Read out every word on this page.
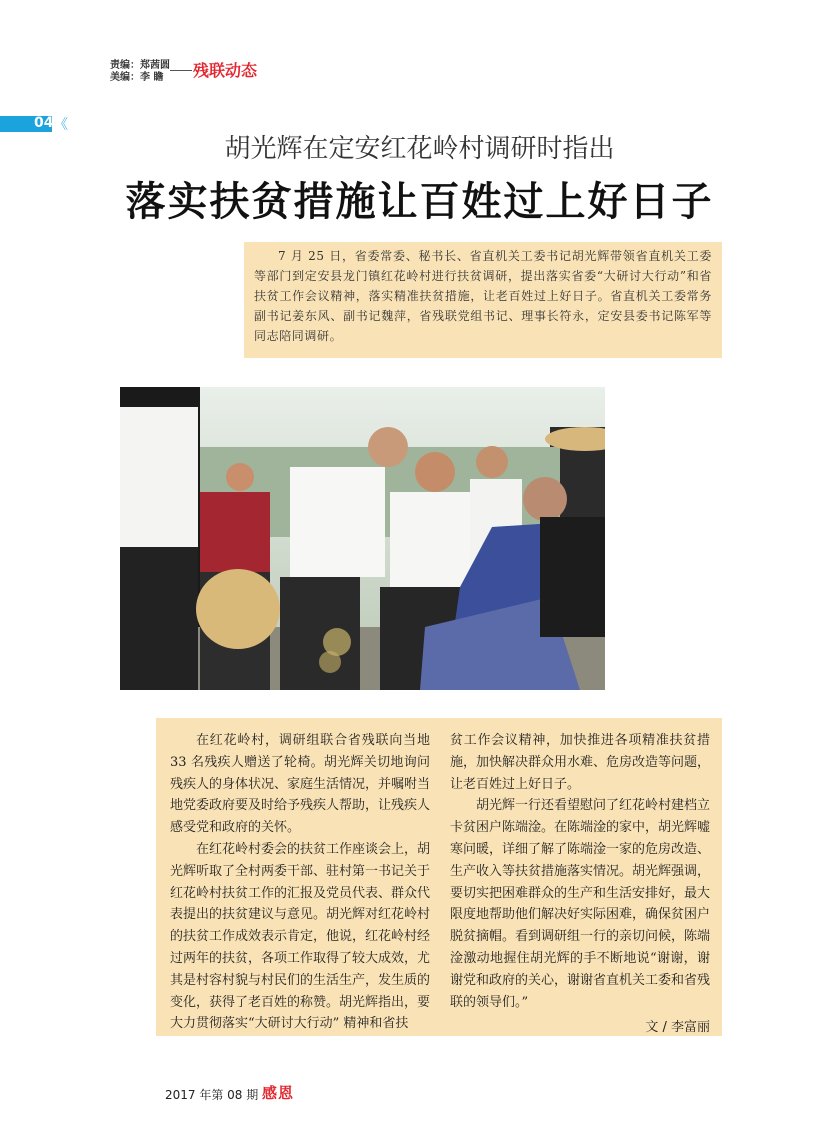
责编：郑茜圆
美编：李 瞻	残联动态
04 《
胡光辉在定安红花岭村调研时指出
落实扶贫措施让百姓过上好日子

7 月 25 日，省委常委、秘书长、省直机关工委书记胡光辉带领省直机关工委等部门到定安县龙门镇红花岭村进行扶贫调研，提出落实省委“大研讨大行动”和省扶贫工作会议精神，落实精准扶贫措施，让老百姓过上好日子。省直机关工委常务副书记姜东风、副书记魏萍，省残联党组书记、理事长符永，定安县委书记陈军等同志陪同调研。

在红花岭村，调研组联合省残联向当地 33 名残疾人赠送了轮椅。胡光辉关切地询问残疾人的身体状况、家庭生活情况，并嘱咐当地党委政府要及时给予残疾人帮助，让残疾人感受党和政府的关怀。

在红花岭村委会的扶贫工作座谈会上，胡光辉听取了全村两委干部、驻村第一书记关于红花岭村扶贫工作的汇报及党员代表、群众代表提出的扶贫建议与意见。胡光辉对红花岭村的扶贫工作成效表示肯定，他说，红花岭村经过两年的扶贫，各项工作取得了较大成效，尤其是村容村貌与村民们的生活生产，发生质的变化，获得了老百姓的称赞。胡光辉指出，要大力贯彻落实“大研讨大行动” 精神和省扶

贫工作会议精神，加快推进各项精准扶贫措施，加快解决群众用水难、危房改造等问题，让老百姓过上好日子。

胡光辉一行还看望慰问了红花岭村建档立卡贫困户陈端淦。在陈端淦的家中，胡光辉嘘寒问暖，详细了解了陈端淦一家的危房改造、生产收入等扶贫措施落实情况。胡光辉强调，要切实把困难群众的生产和生活安排好，最大限度地帮助他们解决好实际困难，确保贫困户脱贫摘帽。看到调研组一行的亲切问候，陈端淦激动地握住胡光辉的手不断地说“谢谢，谢谢党和政府的关心，谢谢省直机关工委和省残联的领导们。”

文 / 李富丽

2017 年第 08 期 感恩
